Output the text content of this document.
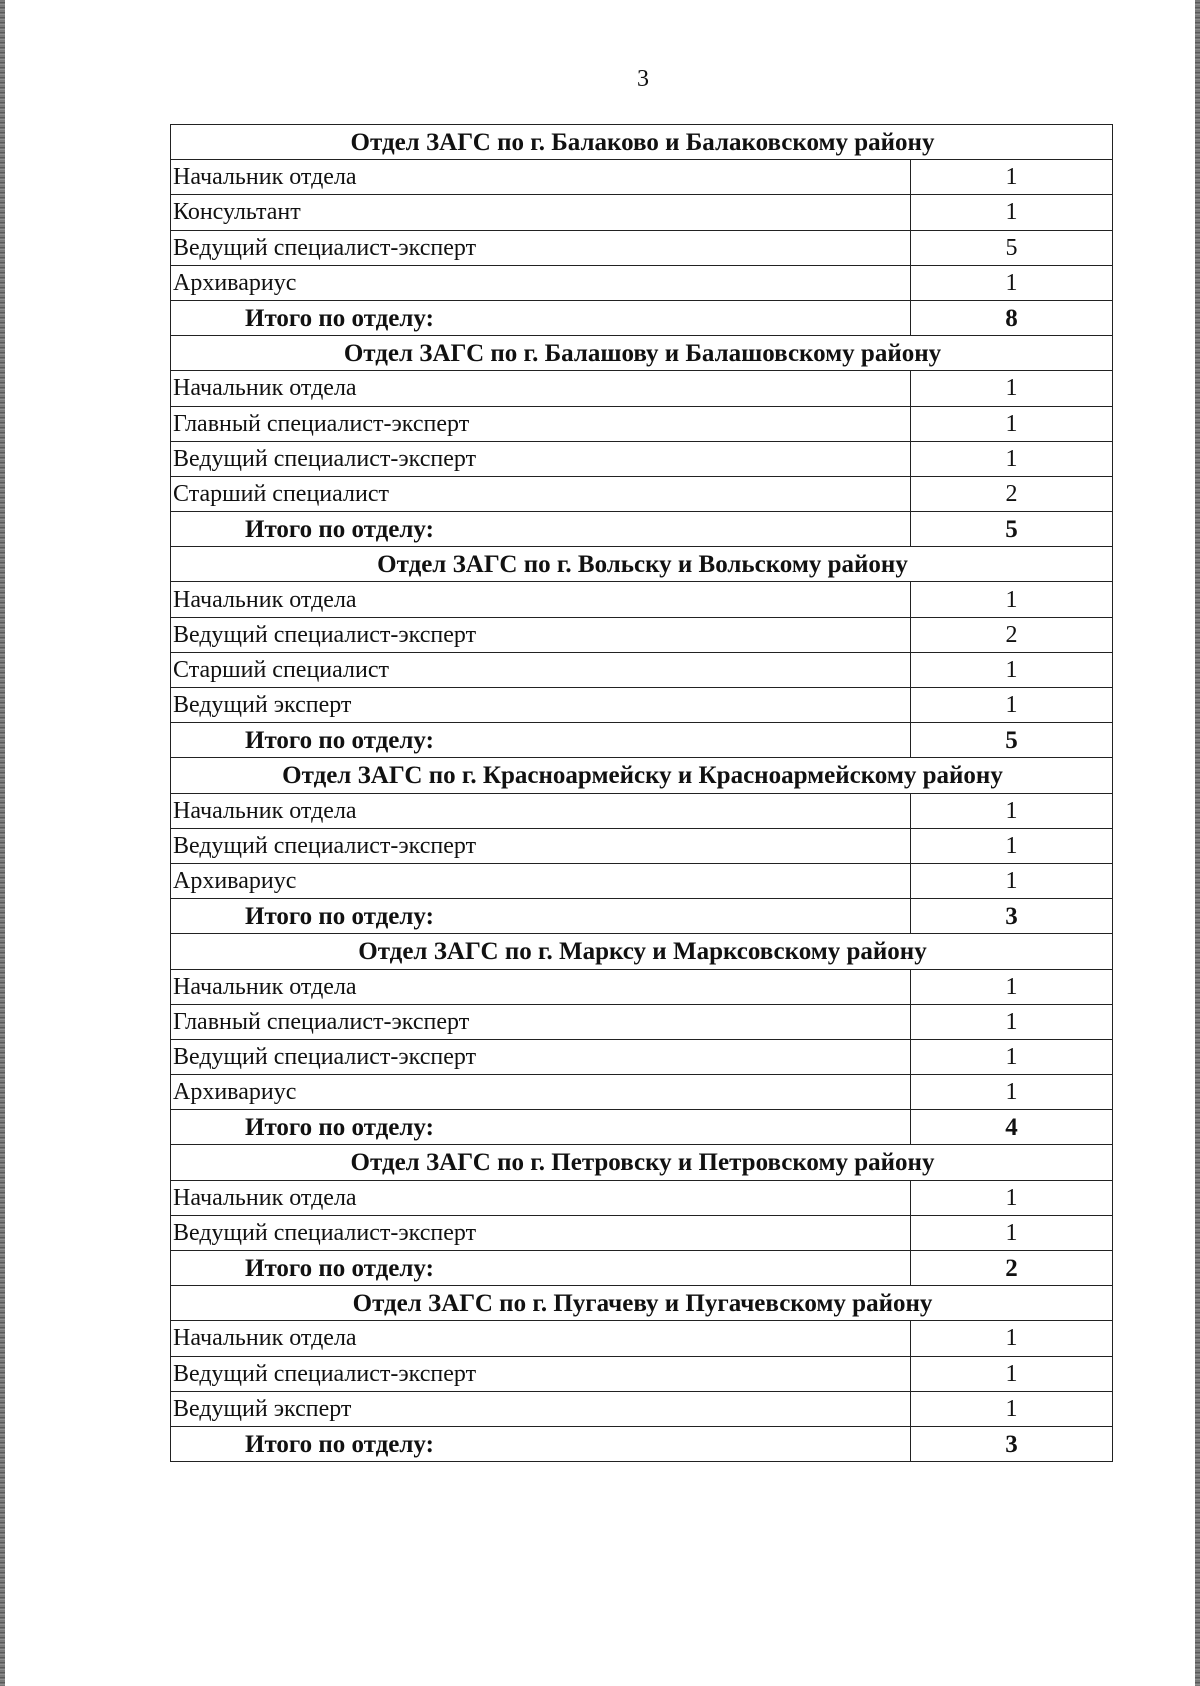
3
Отдел ЗАГС по г. Балаково и Балаковскому району	
Начальник отдела	1
Консультант	1
Ведущий специалист-эксперт	5
Архивариус	1
Итого по отделу:	8
Отдел ЗАГС по г. Балашову и Балашовскому району	
Начальник отдела	1
Главный специалист-эксперт	1
Ведущий специалист-эксперт	1
Старший специалист	2
Итого по отделу:	5
Отдел ЗАГС по г. Вольску и Вольскому району	
Начальник отдела	1
Ведущий специалист-эксперт	2
Старший специалист	1
Ведущий эксперт	1
Итого по отделу:	5
Отдел ЗАГС по г. Красноармейску и Красноармейскому району	
Начальник отдела	1
Ведущий специалист-эксперт	1
Архивариус	1
Итого по отделу:	3
Отдел ЗАГС по г. Марксу и Марксовскому району	
Начальник отдела	1
Главный специалист-эксперт	1
Ведущий специалист-эксперт	1
Архивариус	1
Итого по отделу:	4
Отдел ЗАГС по г. Петровску и Петровскому району	
Начальник отдела	1
Ведущий специалист-эксперт	1
Итого по отделу:	2
Отдел ЗАГС по г. Пугачеву и Пугачевскому району	
Начальник отдела	1
Ведущий специалист-эксперт	1
Ведущий эксперт	1
Итого по отделу:	3
